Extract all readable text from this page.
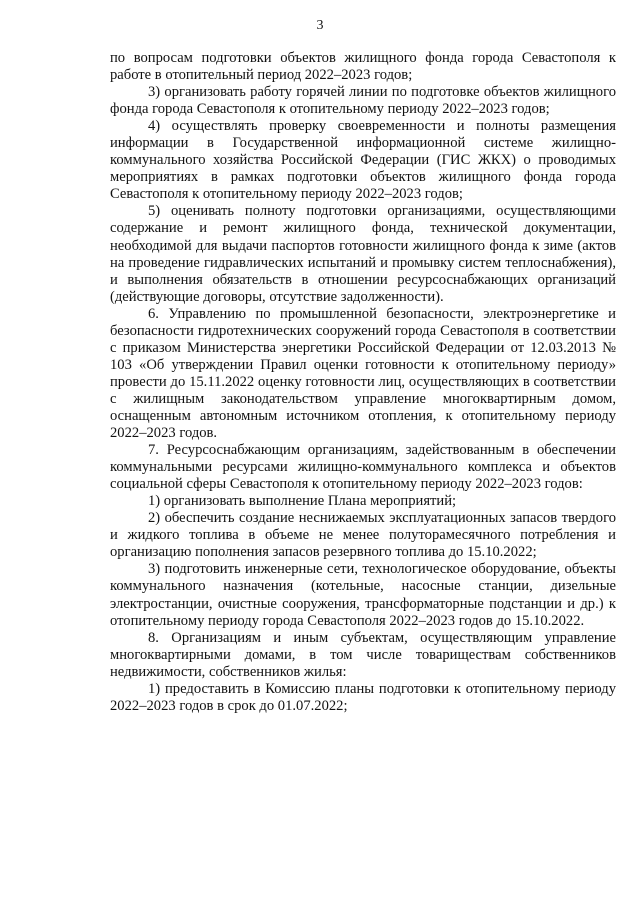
3

по вопросам подготовки объектов жилищного фонда города Севастополя к работе в отопительный период 2022–2023 годов;

3) организовать работу горячей линии по подготовке объектов жилищного фонда города Севастополя к отопительному периоду 2022–2023 годов;

4) осуществлять проверку своевременности и полноты размещения информации в Государственной информационной системе жилищно-коммунального хозяйства Российской Федерации (ГИС ЖКХ) о проводимых мероприятиях в рамках подготовки объектов жилищного фонда города Севастополя к отопительному периоду 2022–2023 годов;

5) оценивать полноту подготовки организациями, осуществляющими содержание и ремонт жилищного фонда, технической документации, необходимой для выдачи паспортов готовности жилищного фонда к зиме (актов на проведение гидравлических испытаний и промывку систем теплоснабжения), и выполнения обязательств в отношении ресурсоснабжающих организаций (действующие договоры, отсутствие задолженности).

6. Управлению по промышленной безопасности, электроэнергетике и безопасности гидротехнических сооружений города Севастополя в соответствии с приказом Министерства энергетики Российской Федерации от 12.03.2013 № 103 «Об утверждении Правил оценки готовности к отопительному периоду» провести до 15.11.2022 оценку готовности лиц, осуществляющих в соответствии с жилищным законодательством управление многоквартирным домом, оснащенным автономным источником отопления, к отопительному периоду 2022–2023 годов.

7. Ресурсоснабжающим организациям, задействованным в обеспечении коммунальными ресурсами жилищно-коммунального комплекса и объектов социальной сферы Севастополя к отопительному периоду 2022–2023 годов:

1) организовать выполнение Плана мероприятий;

2) обеспечить создание неснижаемых эксплуатационных запасов твердого и жидкого топлива в объеме не менее полуторамесячного потребления и организацию пополнения запасов резервного топлива до 15.10.2022;

3) подготовить инженерные сети, технологическое оборудование, объекты коммунального назначения (котельные, насосные станции, дизельные электростанции, очистные сооружения, трансформаторные подстанции и др.) к отопительному периоду города Севастополя 2022–2023 годов до 15.10.2022.

8. Организациям и иным субъектам, осуществляющим управление многоквартирными домами, в том числе товариществам собственников недвижимости, собственников жилья:

1) предоставить в Комиссию планы подготовки к отопительному периоду 2022–2023 годов в срок до 01.07.2022;
